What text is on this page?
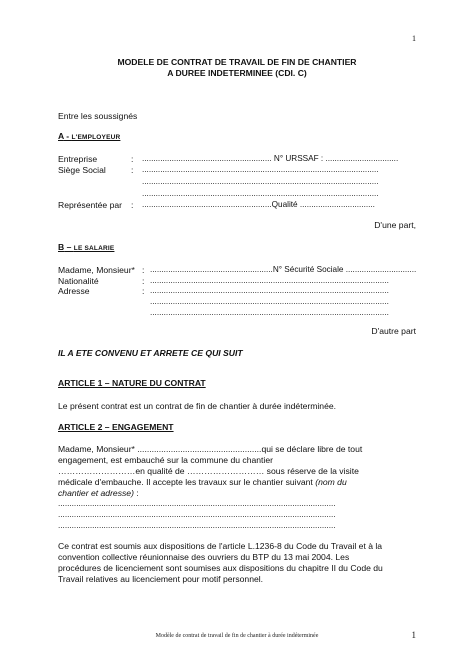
1
MODELE DE CONTRAT DE TRAVAIL DE FIN DE CHANTIER
A DUREE INDETERMINEE (CDI. C)
Entre les soussignés
A - L'EMPLOYEUR
Entreprise	: ......................................................... N° URSSAF : ................................
Siège Social	: ........................................................................................................
........................................................................................................
........................................................................................................
Représentée par : .........................................................Qualité .................................
D'une part,
B – LE SALARIE
Madame, Monsieur* : ......................................................N° Sécurité Sociale ...............................
Nationalité	: .........................................................................................................
Adresse	: .........................................................................................................
.........................................................................................................
.........................................................................................................
D'autre part
IL A ETE CONVENU ET ARRETE CE QUI SUIT
ARTICLE 1 – NATURE DU CONTRAT
Le présent contrat est un contrat de fin de chantier à durée indéterminée.
ARTICLE 2 – ENGAGEMENT
Madame, Monsieur* ....................................................qui se déclare libre de tout
engagement, est embauché sur la commune du chantier
………………………en qualité de ……………………… sous réserve de la visite
médicale d'embauche. Il accepte les travaux sur le chantier suivant (nom du
chantier et adresse) :
..........................................................................................................................
..........................................................................................................................
..........................................................................................................................
Ce contrat est soumis aux dispositions de l'article L.1236-8 du Code du Travail et à la
convention collective réunionnaise des ouvriers du BTP du 13 mai 2004. Les
procédures de licenciement sont soumises aux dispositions du chapitre II du Code du
Travail relatives au licenciement pour motif personnel.
Modèle de contrat de travail de fin de chantier à durée indéterminée	1
